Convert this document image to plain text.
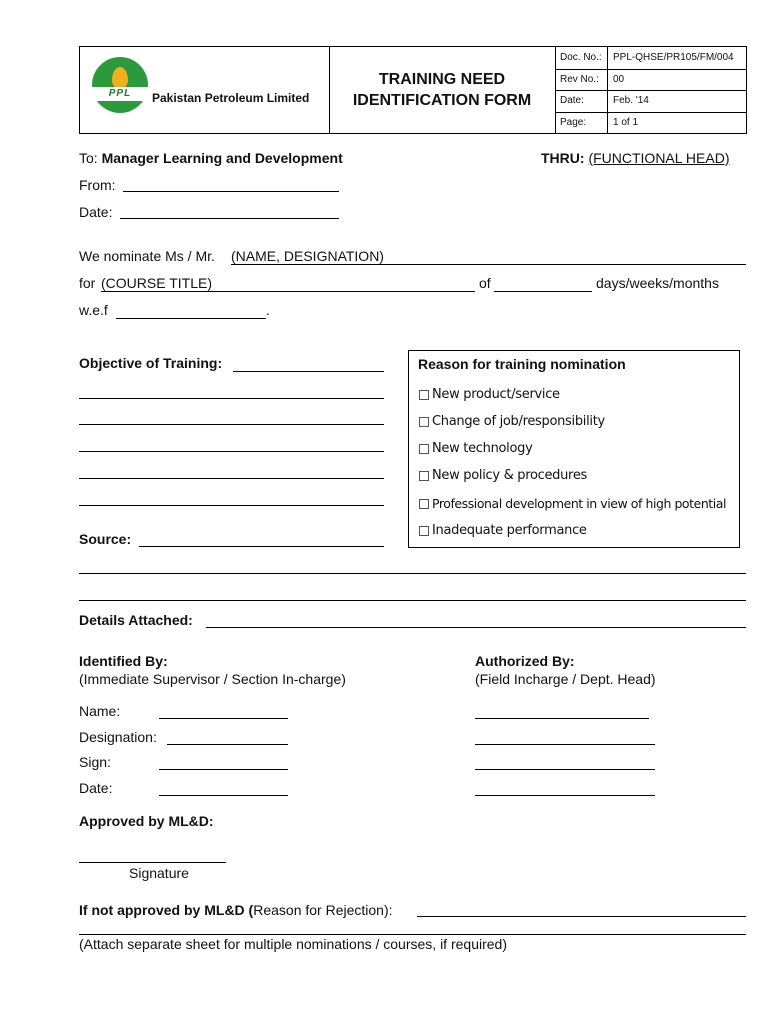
PPL	Pakistan Petroleum Limited
TRAINING NEED
IDENTIFICATION FORM
Doc. No.:	PPL-QHSE/PR105/FM/004
Rev No.:	00
Date:	Feb. '14
Page:	1 of 1
To: Manager Learning and Development	THRU: (FUNCTIONAL HEAD)
From:
Date:
We nominate Ms / Mr. (NAME, DESIGNATION)
for (COURSE TITLE)	of	days/weeks/months
w.e.f	.
Objective of Training:
Source:
Reason for training nomination
New product/service
Change of job/responsibility
New technology
New policy & procedures
Professional development in view of high potential
Inadequate performance
Details Attached:
Identified By:
(Immediate Supervisor / Section In-charge)
Name:
Designation:
Sign:
Date:
Authorized By:
(Field Incharge / Dept. Head)
Approved by ML&D:
Signature
If not approved by ML&D (Reason for Rejection):
(Attach separate sheet for multiple nominations / courses, if required)
